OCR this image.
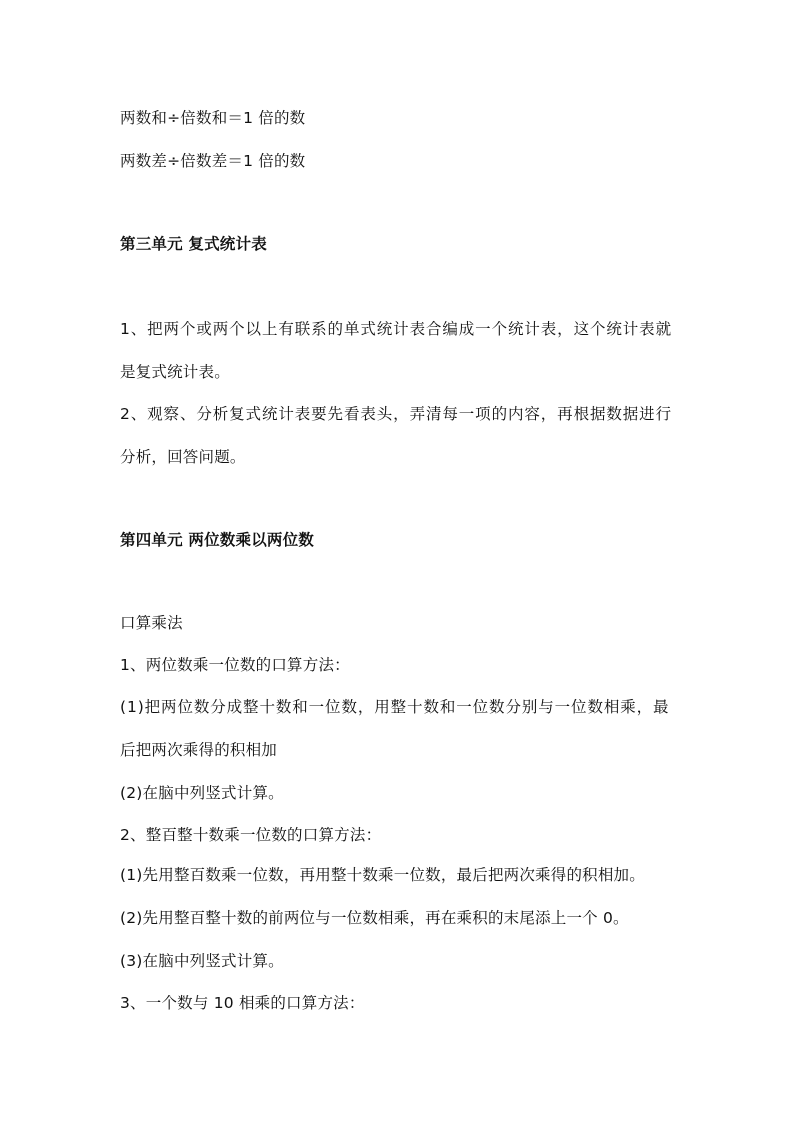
两数和÷倍数和＝1 倍的数
两数差÷倍数差＝1 倍的数
第三单元 复式统计表
1、把两个或两个以上有联系的单式统计表合编成一个统计表，这个统计表就
是复式统计表。
2、观察、分析复式统计表要先看表头，弄清每一项的内容，再根据数据进行
分析，回答问题。
第四单元 两位数乘以两位数
口算乘法
1、两位数乘一位数的口算方法：
(1)把两位数分成整十数和一位数，用整十数和一位数分别与一位数相乘，最
后把两次乘得的积相加
(2)在脑中列竖式计算。
2、整百整十数乘一位数的口算方法：
(1)先用整百数乘一位数，再用整十数乘一位数，最后把两次乘得的积相加。
(2)先用整百整十数的前两位与一位数相乘，再在乘积的末尾添上一个 0。
(3)在脑中列竖式计算。
3、一个数与 10 相乘的口算方法：
